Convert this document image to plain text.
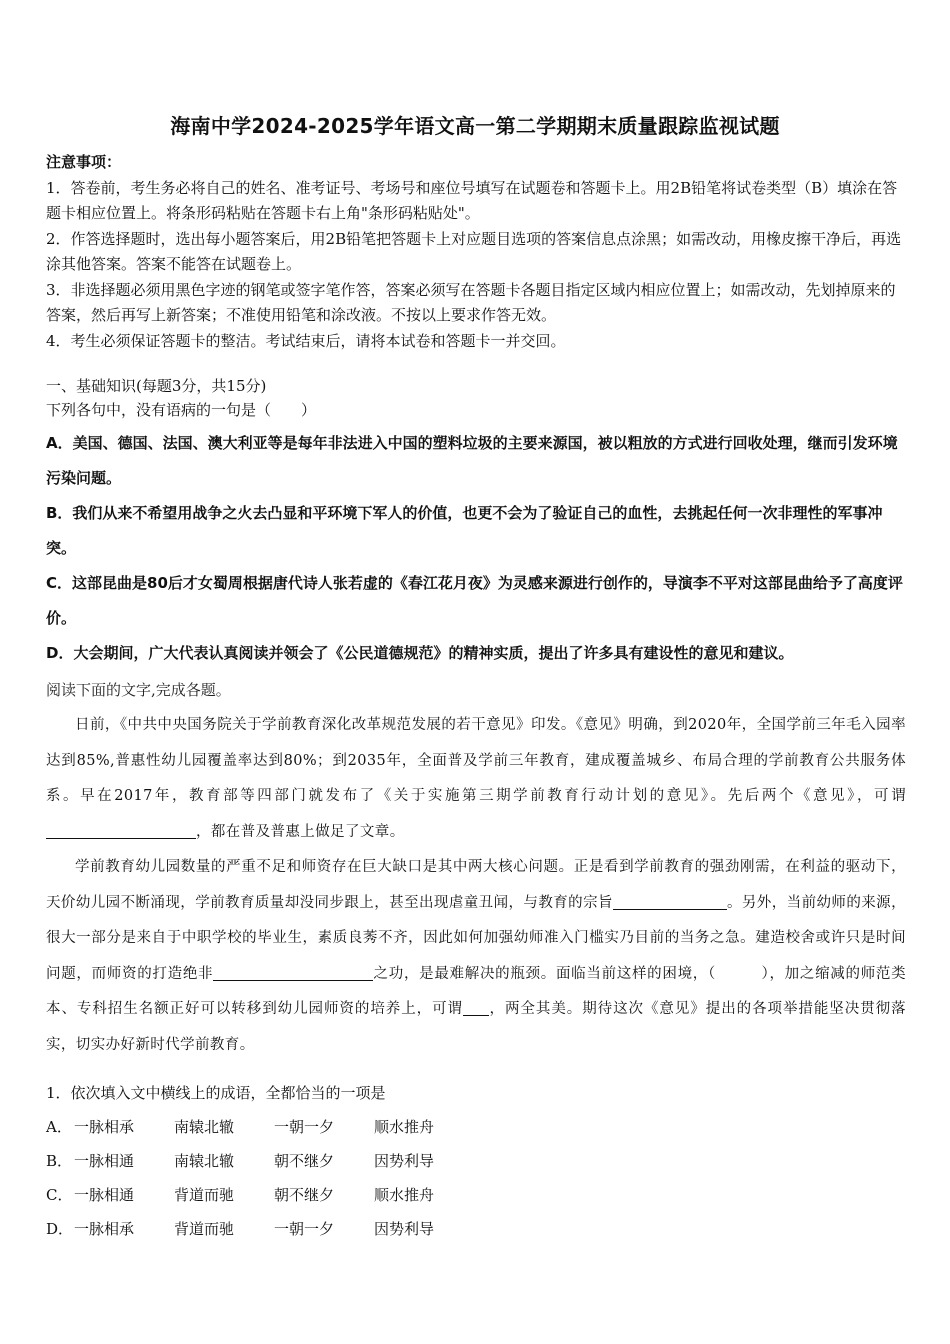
海南中学2024-2025学年语文高一第二学期期末质量跟踪监视试题

注意事项：

1．答卷前，考生务必将自己的姓名、准考证号、考场号和座位号填写在试题卷和答题卡上。用2B铅笔将试卷类型（B）填涂在答题卡相应位置上。将条形码粘贴在答题卡右上角"条形码粘贴处"。

2．作答选择题时，选出每小题答案后，用2B铅笔把答题卡上对应题目选项的答案信息点涂黑；如需改动，用橡皮擦干净后，再选涂其他答案。答案不能答在试题卷上。

3．非选择题必须用黑色字迹的钢笔或签字笔作答，答案必须写在答题卡各题目指定区域内相应位置上；如需改动，先划掉原来的答案，然后再写上新答案；不准使用铅笔和涂改液。不按以上要求作答无效。

4．考生必须保证答题卡的整洁。考试结束后，请将本试卷和答题卡一并交回。

一、基础知识(每题3分，共15分)
下列各句中，没有语病的一句是（　　）

A．美国、德国、法国、澳大利亚等是每年非法进入中国的塑料垃圾的主要来源国，被以粗放的方式进行回收处理，继而引发环境污染问题。

B．我们从来不希望用战争之火去凸显和平环境下军人的价值，也更不会为了验证自己的血性，去挑起任何一次非理性的军事冲突。

C．这部昆曲是80后才女蜀周根据唐代诗人张若虚的《春江花月夜》为灵感来源进行创作的，导演李不平对这部昆曲给予了高度评价。

D．大会期间，广大代表认真阅读并领会了《公民道德规范》的精神实质，提出了许多具有建设性的意见和建议。

阅读下面的文字,完成各题。

日前，《中共中央国务院关于学前教育深化改革规范发展的若干意见》印发。《意见》明确，到2020年，全国学前三年毛入园率达到85%,普惠性幼儿园覆盖率达到80%；到2035年，全面普及学前三年教育，建成覆盖城乡、布局合理的学前教育公共服务体系。早在2017年，教育部等四部门就发布了《关于实施第三期学前教育行动计划的意见》。先后两个《意见》，可谓，都在普及普惠上做足了文章。

学前教育幼儿园数量的严重不足和师资存在巨大缺口是其中两大核心问题。正是看到学前教育的强劲刚需，在利益的驱动下，天价幼儿园不断涌现，学前教育质量却没同步跟上，甚至出现虐童丑闻，与教育的宗旨	。另外，当前幼师的来源，很大一部分是来自于中职学校的毕业生，素质良莠不齐，因此如何加强幼师准入门槛实乃目前的当务之急。建造校舍或许只是时间问题，而师资的打造绝非	之功，是最难解决的瓶颈。面临当前这样的困境，（　　　），加之缩减的师范类本、专科招生名额正好可以转移到幼儿园师资的培养上，可谓 ，两全其美。期待这次《意见》提出的各项举措能坚决贯彻落实，切实办好新时代学前教育。

1．依次填入文中横线上的成语，全都恰当的一项是

A． 一脉相承	南辕北辙	一朝一夕	顺水推舟
B． 一脉相通	南辕北辙	朝不继夕	因势利导
C． 一脉相通	背道而驰	朝不继夕	顺水推舟
D． 一脉相承	背道而驰	一朝一夕	因势利导
